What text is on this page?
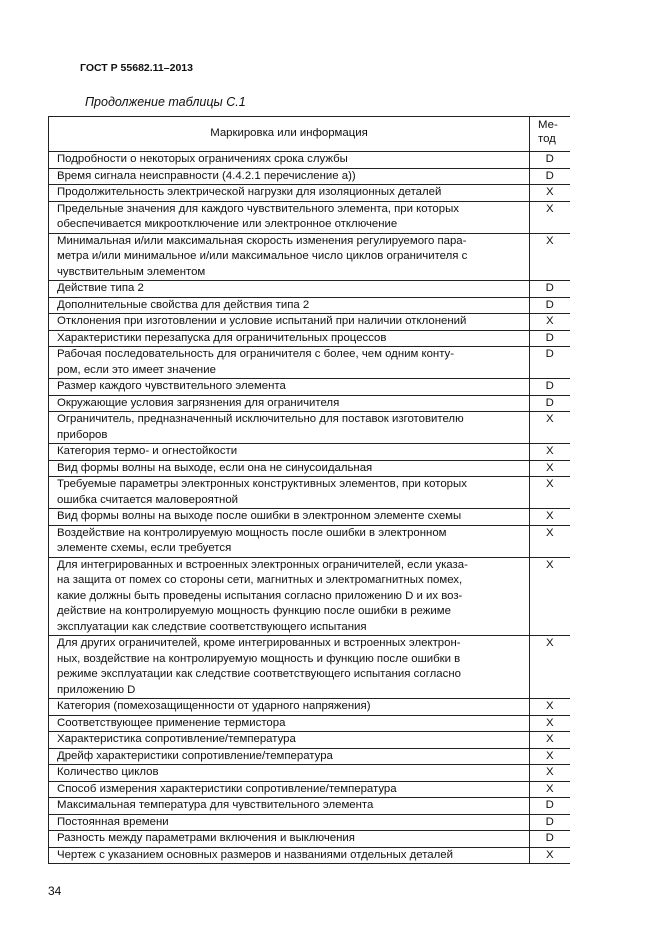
ГОСТ Р 55682.11–2013
Продолжение таблицы С.1
Маркировка или информация	Ме-
тод
Подробности о некоторых ограничениях срока службы	D
Время сигнала неисправности (4.4.2.1 перечисление а))	D
Продолжительность электрической нагрузки для изоляционных деталей	X
Предельные значения для каждого чувствительного элемента, при которых
обеспечивается микроотключение или электронное отключение	X
Минимальная и/или максимальная скорость изменения регулируемого пара-
метра и/или минимальное и/или максимальное число циклов ограничителя с
чувствительным элементом	X
Действие типа 2	D
Дополнительные свойства для действия типа 2	D
Отклонения при изготовлении и условие испытаний при наличии отклонений	X
Характеристики перезапуска для ограничительных процессов	D
Рабочая последовательность для ограничителя с более, чем одним конту-
ром, если это имеет значение	D
Размер каждого чувствительного элемента	D
Окружающие условия загрязнения для ограничителя	D
Ограничитель, предназначенный исключительно для поставок изготовителю
приборов	X
Категория термо- и огнестойкости	X
Вид формы волны на выходе, если она не синусоидальная	X
Требуемые параметры электронных конструктивных элементов, при которых
ошибка считается маловероятной	X
Вид формы волны на выходе после ошибки в электронном элементе схемы	X
Воздействие на контролируемую мощность после ошибки в электронном
элементе схемы, если требуется	X
Для интегрированных и встроенных электронных ограничителей, если указа-
на защита от помех со стороны сети, магнитных и электромагнитных помех,
какие должны быть проведены испытания согласно приложению D и их воз-
действие на контролируемую мощность функцию после ошибки в режиме
эксплуатации как следствие соответствующего испытания	X
Для других ограничителей, кроме интегрированных и встроенных электрон-
ных, воздействие на контролируемую мощность и функцию после ошибки в
режиме эксплуатации как следствие соответствующего испытания согласно
приложению D	X
Категория (помехозащищенности от ударного напряжения)	X
Соответствующее применение термистора	X
Характеристика сопротивление/температура	X
Дрейф характеристики сопротивление/температура	X
Количество циклов	X
Способ измерения характеристики сопротивление/температура	X
Максимальная температура для чувствительного элемента	D
Постоянная времени	D
Разность между параметрами включения и выключения	D
Чертеж с указанием основных размеров и названиями отдельных деталей	X
34
